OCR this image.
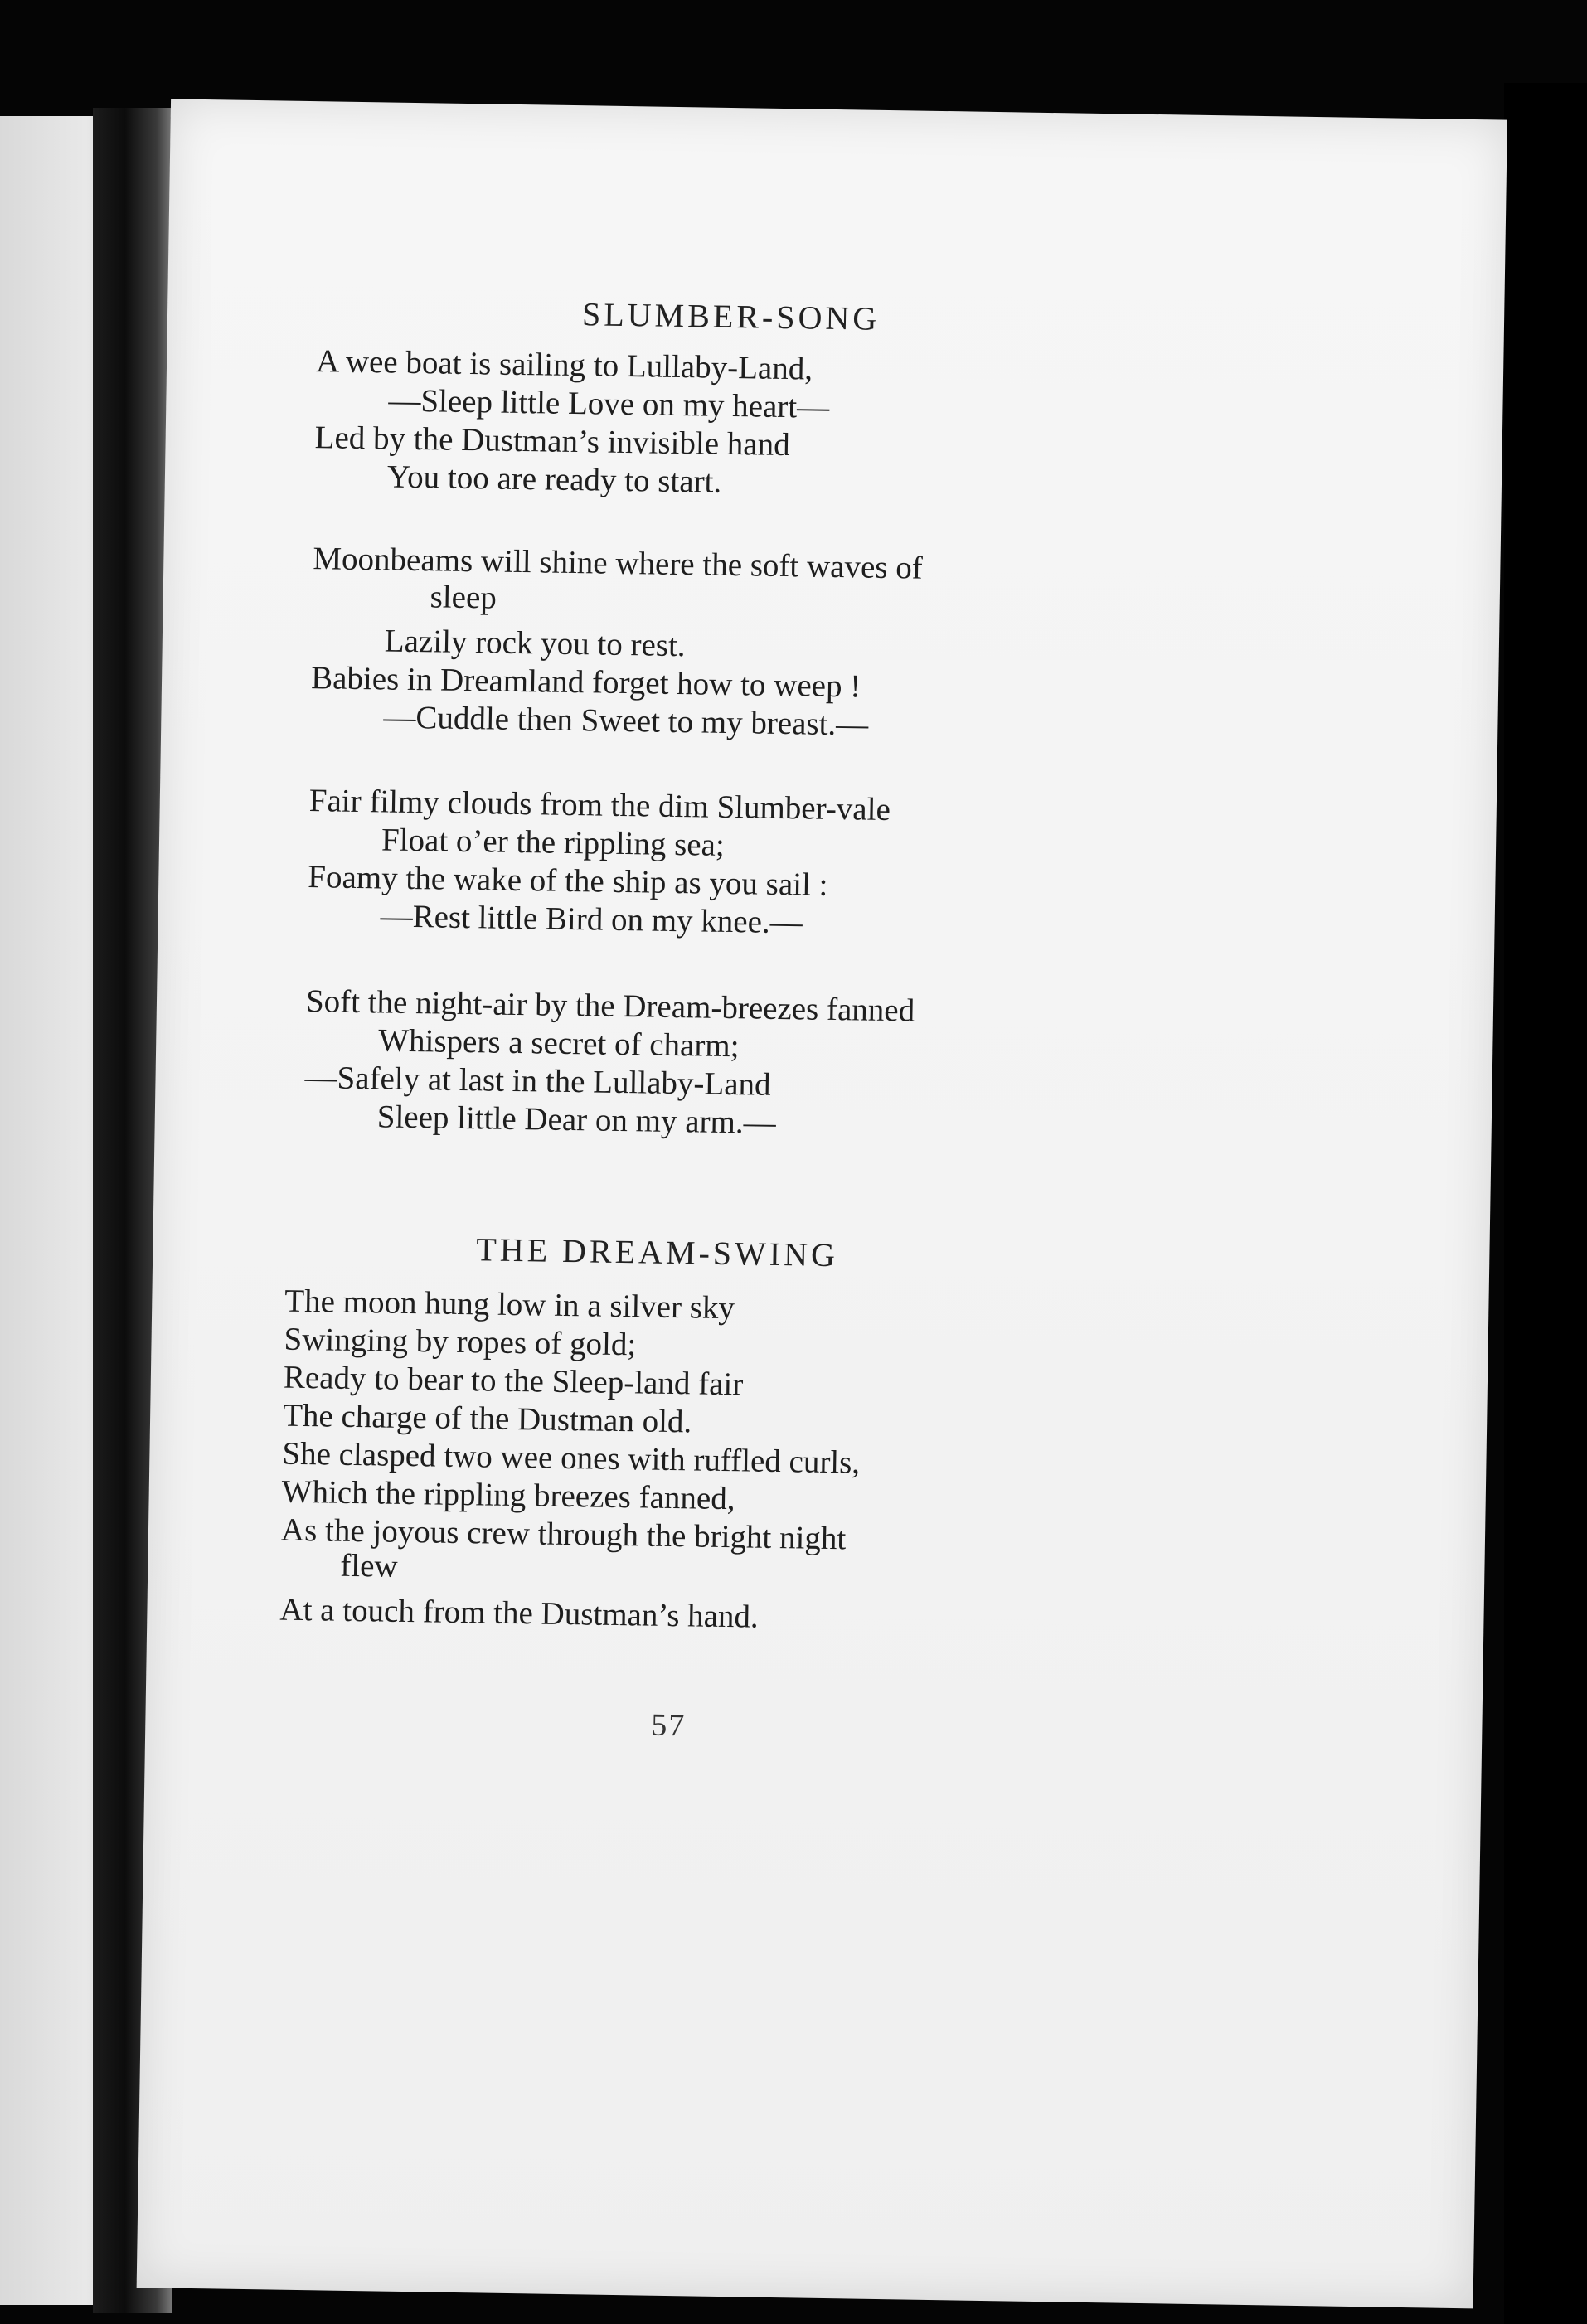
SLUMBER-SONG
A wee boat is sailing to Lullaby-Land,
—Sleep little Love on my heart—
Led by the Dustman’s invisible hand
You too are ready to start.
Moonbeams will shine where the soft waves of
sleep
Lazily rock you to rest.
Babies in Dreamland forget how to weep !
—Cuddle then Sweet to my breast.—
Fair filmy clouds from the dim Slumber-vale
Float o’er the rippling sea;
Foamy the wake of the ship as you sail :
—Rest little Bird on my knee.—
Soft the night-air by the Dream-breezes fanned
Whispers a secret of charm;
—Safely at last in the Lullaby-Land
Sleep little Dear on my arm.—
THE DREAM-SWING
The moon hung low in a silver sky
Swinging by ropes of gold;
Ready to bear to the Sleep-land fair
The charge of the Dustman old.
She clasped two wee ones with ruffled curls,
Which the rippling breezes fanned,
As the joyous crew through the bright night
flew
At a touch from the Dustman’s hand.
57
